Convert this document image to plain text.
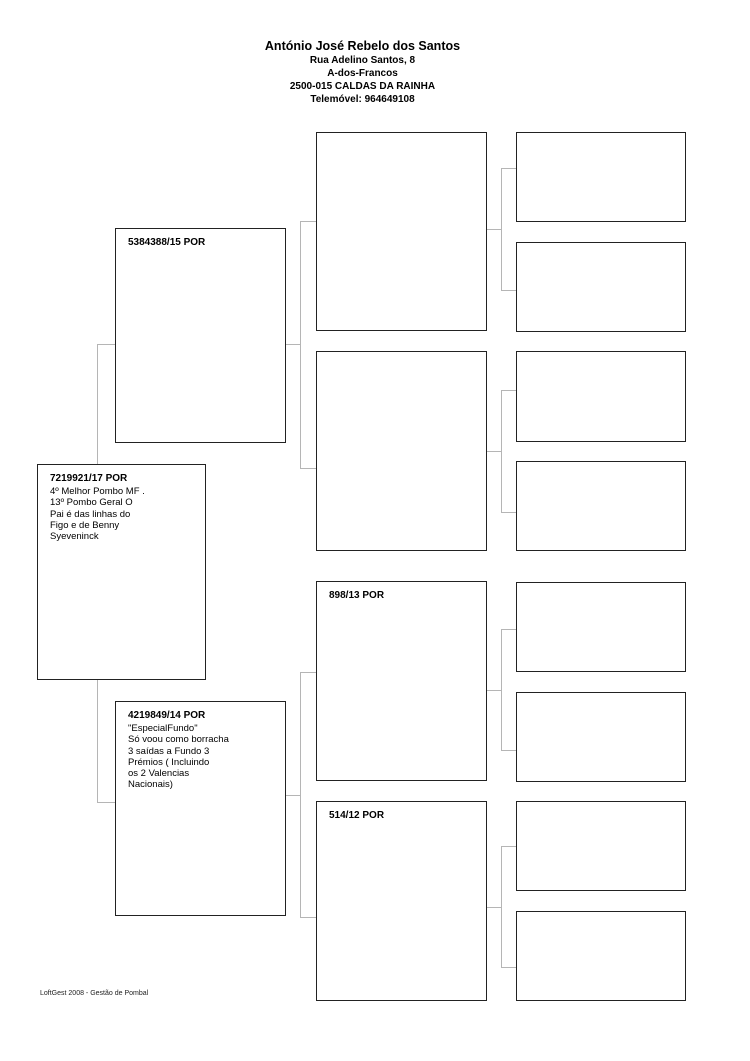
António José Rebelo dos Santos
Rua Adelino Santos, 8
A-dos-Francos
2500-015 CALDAS DA RAINHA
Telemóvel: 964649108
7219921/17 POR
4º Melhor Pombo MF .
13º Pombo Geral O
Pai é das linhas do
Figo e de Benny
Syeveninck
5384388/15 POR
4219849/14 POR
"EspecialFundo"
Só voou como borracha
3 saídas a Fundo 3
Prémios ( Incluindo
os 2 Valencias
Nacionais)
898/13 POR
514/12 POR
LoftGest 2008 - Gestão de Pombal
